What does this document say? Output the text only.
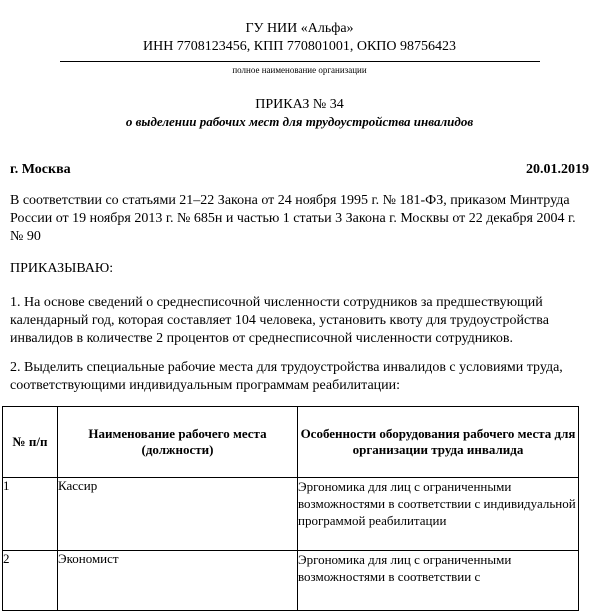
ГУ НИИ «Альфа»
ИНН 7708123456, КПП 770801001, ОКПО 98756423
полное наименование организации
ПРИКАЗ № 34
о выделении рабочих мест для трудоустройства инвалидов
г. Москва	20.01.2019
В соответствии со статьями 21–22 Закона от 24 ноября 1995 г. № 181-ФЗ, приказом Минтруда России от 19 ноября 2013 г. № 685н и частью 1 статьи 3 Закона г. Москвы от 22 декабря 2004 г. № 90
ПРИКАЗЫВАЮ:
1. На основе сведений о среднесписочной численности сотрудников за предшествующий календарный год, которая составляет 104 человека, установить квоту для трудоустройства инвалидов в количестве 2 процентов от среднесписочной численности сотрудников.
2. Выделить специальные рабочие места для трудоустройства инвалидов с условиями труда, соответствующими индивидуальным программам реабилитации:
№ п/п	Наименование рабочего места (должности)	Особенности оборудования рабочего места для организации труда инвалида
1	Кассир	Эргономика для лиц с ограниченными возможностями в соответствии с индивидуальной программой реабилитации
2	Экономист	Эргономика для лиц с ограниченными возможностями в соответствии с
